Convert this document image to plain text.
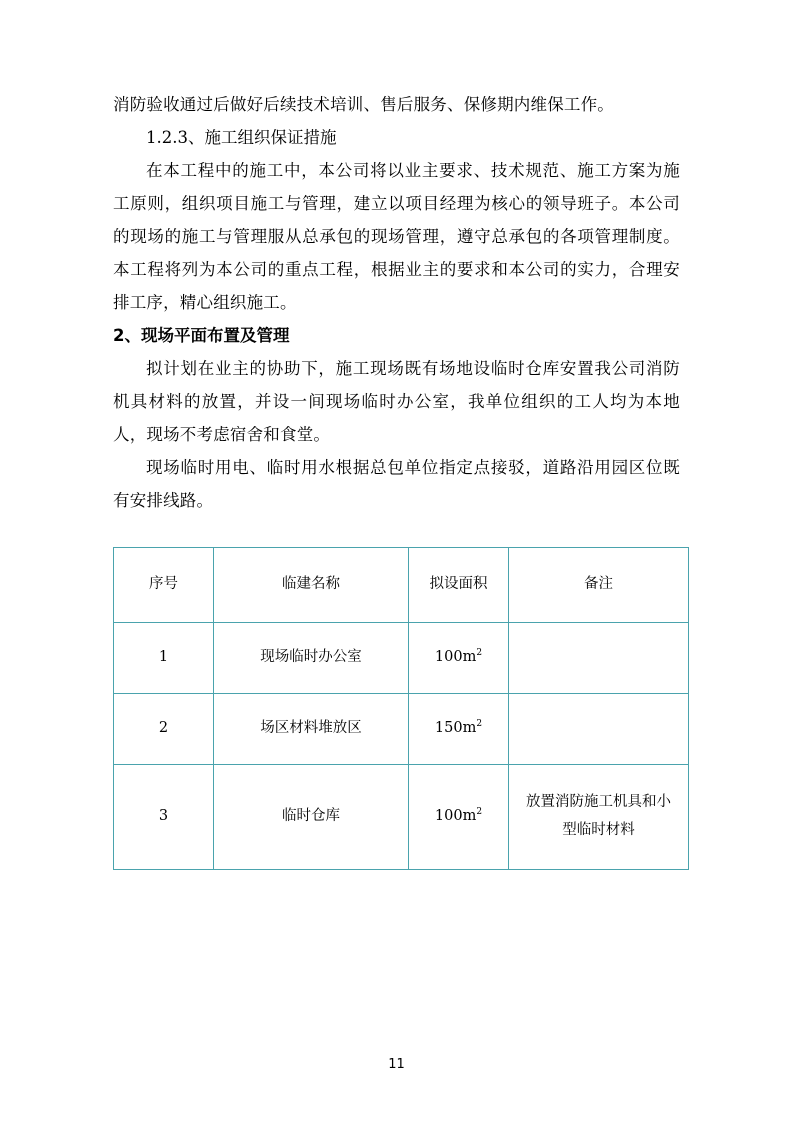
消防验收通过后做好后续技术培训、售后服务、保修期内维保工作。

1.2.3、施工组织保证措施

在本工程中的施工中，本公司将以业主要求、技术规范、施工方案为施工原则，组织项目施工与管理，建立以项目经理为核心的领导班子。本公司的现场的施工与管理服从总承包的现场管理，遵守总承包的各项管理制度。本工程将列为本公司的重点工程，根据业主的要求和本公司的实力，合理安排工序，精心组织施工。

2、现场平面布置及管理

拟计划在业主的协助下，施工现场既有场地设临时仓库安置我公司消防机具材料的放置，并设一间现场临时办公室，我单位组织的工人均为本地人，现场不考虑宿舍和食堂。

现场临时用电、临时用水根据总包单位指定点接驳，道路沿用园区位既有安排线路。

序号	临建名称	拟设面积	备注
1	现场临时办公室	$100m^2$	

2	场区材料堆放区	$150m^2$	

3	临时仓库	$100m^2$	放置消防施工机具和小
型临时材料
11
